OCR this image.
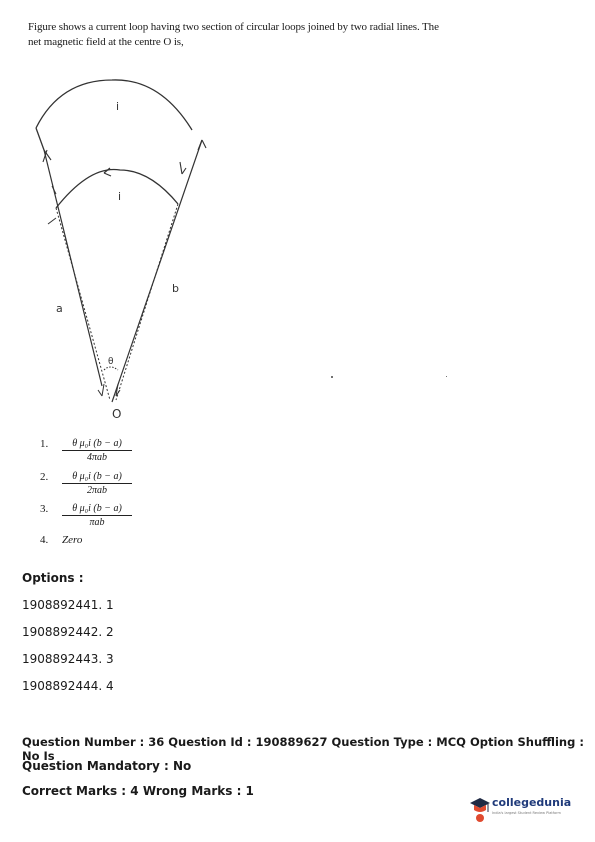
Figure shows a current loop having two section of circular loops joined by two radial lines. The
net magnetic field at the centre O is,
i
i
a
b
θ
O
1.	θ μ₀i (b − a)
4πab
2.	θ μ₀i (b − a)
2πab
3.	θ μ₀i (b − a)
πab
4.	Zero
Options :
1908892441. 1
1908892442. 2
1908892443. 3
1908892444. 4
Question Number : 36 Question Id : 190889627 Question Type : MCQ Option Shuffling : No Is
Question Mandatory : No
Correct Marks : 4 Wrong Marks : 1
collegedunia
India's largest Student Review Platform
